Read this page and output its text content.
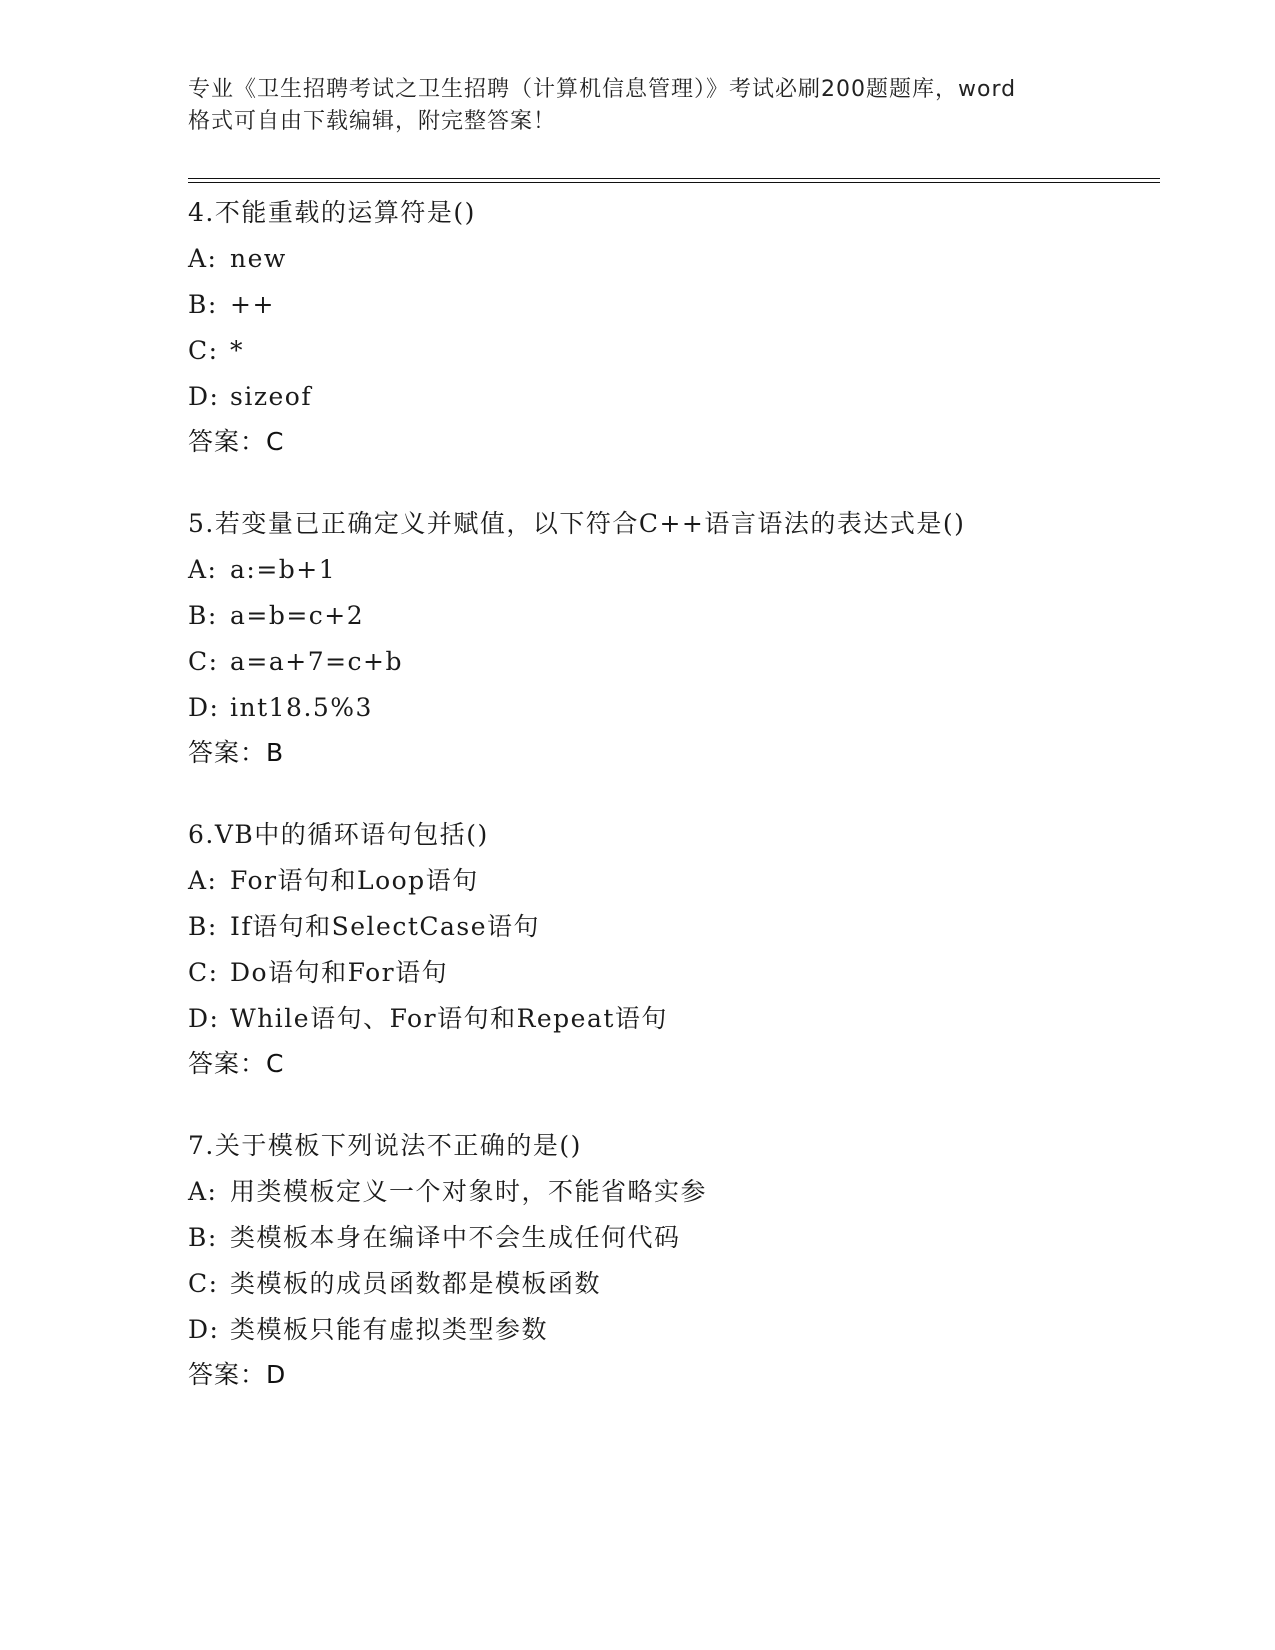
专业《卫生招聘考试之卫生招聘（计算机信息管理）》考试必刷200题题库，word
格式可自由下载编辑，附完整答案！
4.不能重载的运算符是()
A: new
B: ++
C: *
D: sizeof
答案：C
5.若变量已正确定义并赋值，以下符合C++语言语法的表达式是()
A: a:=b+1
B: a=b=c+2
C: a=a+7=c+b
D: int18.5%3
答案：B
6.VB中的循环语句包括()
A: For语句和Loop语句
B: If语句和SelectCase语句
C: Do语句和For语句
D: While语句、For语句和Repeat语句
答案：C
7.关于模板下列说法不正确的是()
A: 用类模板定义一个对象时，不能省略实参
B: 类模板本身在编译中不会生成任何代码
C: 类模板的成员函数都是模板函数
D: 类模板只能有虚拟类型参数
答案：D
